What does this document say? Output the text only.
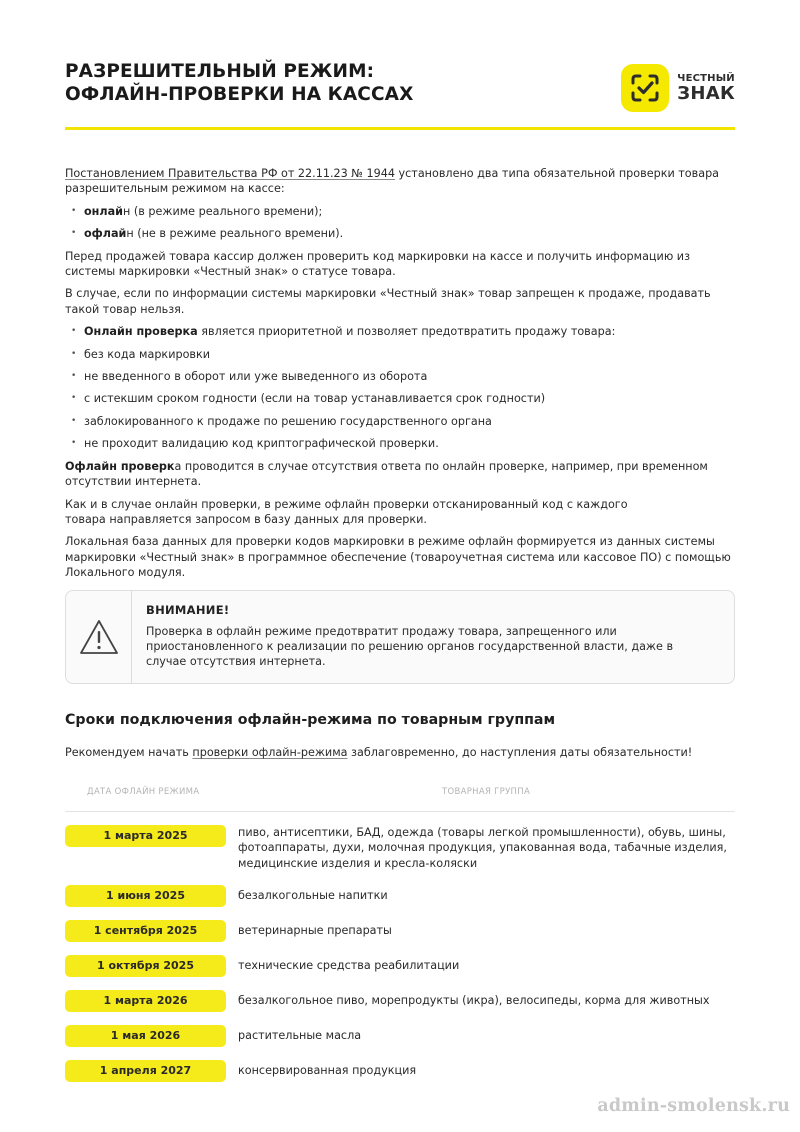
РАЗРЕШИТЕЛЬНЫЙ РЕЖИМ:
ОФЛАЙН-ПРОВЕРКИ НА КАССАХ
ЧЕСТНЫЙ
ЗНАК

Постановлением Правительства РФ от 22.11.23 № 1944 установлено два типа обязательной проверки товара разрешительным режимом на кассе:

• онлайн (в режиме реального времени);
• офлайн (не в режиме реального времени).

Перед продажей товара кассир должен проверить код маркировки на кассе и получить информацию из системы маркировки «Честный знак» о статусе товара.

В случае, если по информации системы маркировки «Честный знак» товар запрещен к продаже, продавать такой товар нельзя.

• Онлайн проверка является приоритетной и позволяет предотвратить продажу товара:
• без кода маркировки
• не введенного в оборот или уже выведенного из оборота
• с истекшим сроком годности (если на товар устанавливается срок годности)
• заблокированного к продаже по решению государственного органа
• не проходит валидацию код криптографической проверки.

Офлайн проверка проводится в случае отсутствия ответа по онлайн проверке, например, при временном отсутствии интернета.

Как и в случае онлайн проверки, в режиме офлайн проверки отсканированный код с каждого
товара направляется запросом в базу данных для проверки.

Локальная база данных для проверки кодов маркировки в режиме офлайн формируется из данных системы маркировки «Честный знак» в программное обеспечение (товароучетная система или кассовое ПО) с помощью Локального модуля.

ВНИМАНИЕ!
Проверка в офлайн режиме предотвратит продажу товара, запрещенного или приостановленного к реализации по решению органов государственной власти, даже в случае отсутствия интернета.
Сроки подключения офлайн-режима по товарным группам
Рекомендуем начать проверки офлайн-режима заблаговременно, до наступления даты обязательности!
ДАТА ОФЛАЙН РЕЖИМА	ТОВАРНАЯ ГРУППА
1 марта 2025	пиво, антисептики, БАД, одежда (товары легкой промышленности), обувь, шины, фотоаппараты, духи, молочная продукция, упакованная вода, табачные изделия, медицинские изделия и кресла-коляски
1 июня 2025	безалкогольные напитки
1 сентября 2025	ветеринарные препараты
1 октября 2025	технические средства реабилитации
1 марта 2026	безалкогольное пиво, морепродукты (икра), велосипеды, корма для животных
1 мая 2026	растительные масла
1 апреля 2027	консервированная продукция
admin-smolensk.ru
